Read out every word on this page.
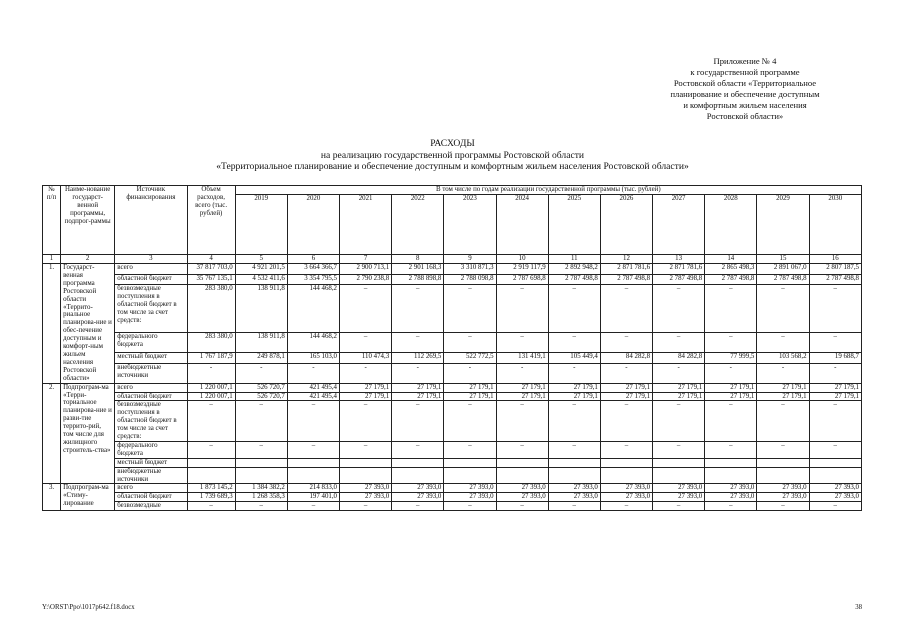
Приложение № 4
к государственной программе
Ростовской области «Территориальное
планирование и обеспечение доступным
и комфортным жильем населения
Ростовской области»
РАСХОДЫ
на реализацию государственной программы Ростовской области
«Территориальное планирование и обеспечение доступным и комфортным жильем населения Ростовской области»
№ п/п	Наиме-нование государст-венной программы, подпрог-раммы	Источник финансирования	Объем расходов, всего (тыс. рублей)	В том числе по годам реализации государственной программы (тыс. рублей)											
				2019	2020	2021	2022	2023	2024	2025	2026	2027	2028	2029	2030
1	2	3	4	5	6	7	8	9	10	11	12	13	14	15	16
1.	Государст-венная программа Ростовской области «Террито-риальное планирова-ние и обес-печение доступным и комфорт-ным жильем населения Ростовской области»	всего	37 817 703,0	4 921 201,5	3 664 366,7	2 900 713,1	2 901 168,3	3 310 871,3	2 919 117,9	2 892 948,2	2 871 781,6	2 871 781,6	2 865 498,3	2 891 067,0	2 807 187,5
		областной бюджет	35 767 135,1	4 532 411,6	3 354 795,5	2 790 238,8	2 788 898,8	2 788 098,8	2 787 698,8	2 787 498,8	2 787 498,8	2 787 498,8	2 787 498,8	2 787 498,8	2 787 498,8
		безвозмездные поступления в областной бюджет в том числе за счет средств:	283 380,0	138 911,8	144 468,2	–	–	–	–	–	–	–	–	–	–
		федерального бюджета	283 380,0	138 911,8	144 468,2	–	–	–	–	–	–	–	–	–	–
		местный бюджет	1 767 187,9	249 878,1	165 103,0	110 474,3	112 269,5	522 772,5	131 419,1	105 449,4	84 282,8	84 282,8	77 999,5	103 568,2	19 688,7
		внебюджетные источники	-	-	-	-	-	-	-	-	-	-	-	-	-
2.	Подпрограм-ма «Терри-ториальное планирова-ние и разви-тие террито-рий, том числе для жилищного строитель-ства»	всего	1 220 007,1	526 720,7	421 495,4	27 179,1	27 179,1	27 179,1	27 179,1	27 179,1	27 179,1	27 179,1	27 179,1	27 179,1	27 179,1
		областной бюджет	1 220 007,1	526 720,7	421 495,4	27 179,1	27 179,1	27 179,1	27 179,1	27 179,1	27 179,1	27 179,1	27 179,1	27 179,1	27 179,1
		безвозмездные поступления в областной бюджет в том числе за счет средств:	–	–	–	–	–	–	–	–	–	–	–	–	–
		федерального бюджета	–	–	–	–	–	–	–	–	–	–	–	–	–
		местный бюджет													
		внебюджетные источники													
3.	Подпрограм-ма «Стиму-лирование	всего	1 873 145,2	1 384 382,2	214 833,0	27 393,0	27 393,0	27 393,0	27 393,0	27 393,0	27 393,0	27 393,0	27 393,0	27 393,0	27 393,0
		областной бюджет	1 739 689,3	1 268 358,3	197 401,0	27 393,0	27 393,0	27 393,0	27 393,0	27 393,0	27 393,0	27 393,0	27 393,0	27 393,0	27 393,0
		безвозмездные	–	–	–	–	–	–	–	–	–	–	–	–	–
Y:\ORST\Ppo\1017p642.f18.docx	38
